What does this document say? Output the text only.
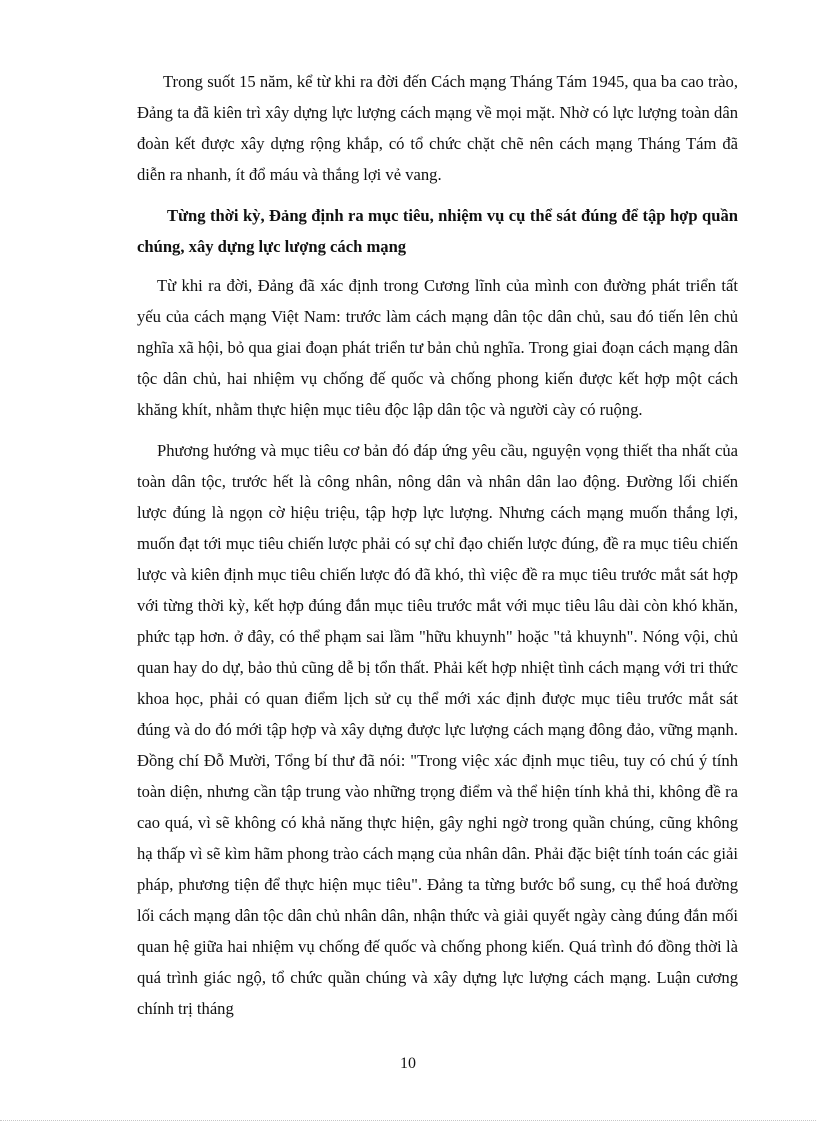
Trong suốt 15 năm, kể từ khi ra đời đến Cách mạng Tháng Tám 1945, qua ba cao trào, Đảng ta đã kiên trì xây dựng lực lượng cách mạng về mọi mặt. Nhờ có lực lượng toàn dân đoàn kết được xây dựng rộng khắp, có tổ chức chặt chẽ nên cách mạng Tháng Tám đã diễn ra nhanh, ít đổ máu và thắng lợi vẻ vang.

Từng thời kỳ, Đảng định ra mục tiêu, nhiệm vụ cụ thể sát đúng để tập hợp quần chúng, xây dựng lực lượng cách mạng

Từ khi ra đời, Đảng đã xác định trong Cương lĩnh của mình con đường phát triển tất yếu của cách mạng Việt Nam: trước làm cách mạng dân tộc dân chủ, sau đó tiến lên chủ nghĩa xã hội, bỏ qua giai đoạn phát triển tư bản chủ nghĩa. Trong giai đoạn cách mạng dân tộc dân chủ, hai nhiệm vụ chống đế quốc và chống phong kiến được kết hợp một cách khăng khít, nhằm thực hiện mục tiêu độc lập dân tộc và người cày có ruộng.

Phương hướng và mục tiêu cơ bản đó đáp ứng yêu cầu, nguyện vọng thiết tha nhất của toàn dân tộc, trước hết là công nhân, nông dân và nhân dân lao động. Đường lối chiến lược đúng là ngọn cờ hiệu triệu, tập hợp lực lượng. Nhưng cách mạng muốn thắng lợi, muốn đạt tới mục tiêu chiến lược phải có sự chỉ đạo chiến lược đúng, đề ra mục tiêu chiến lược và kiên định mục tiêu chiến lược đó đã khó, thì việc đề ra mục tiêu trước mắt sát hợp với từng thời kỳ, kết hợp đúng đắn mục tiêu trước mắt với mục tiêu lâu dài còn khó khăn, phức tạp hơn. ở đây, có thể phạm sai lầm "hữu khuynh" hoặc "tả khuynh". Nóng vội, chủ quan hay do dự, bảo thủ cũng dễ bị tổn thất. Phải kết hợp nhiệt tình cách mạng với tri thức khoa học, phải có quan điểm lịch sử cụ thể mới xác định được mục tiêu trước mắt sát đúng và do đó mới tập hợp và xây dựng được lực lượng cách mạng đông đảo, vững mạnh. Đồng chí Đỗ Mười, Tổng bí thư đã nói: "Trong việc xác định mục tiêu, tuy có chú ý tính toàn diện, nhưng cần tập trung vào những trọng điểm và thể hiện tính khả thi, không đề ra cao quá, vì sẽ không có khả năng thực hiện, gây nghi ngờ trong quần chúng, cũng không hạ thấp vì sẽ kìm hãm phong trào cách mạng của nhân dân. Phải đặc biệt tính toán các giải pháp, phương tiện để thực hiện mục tiêu". Đảng ta từng bước bổ sung, cụ thể hoá đường lối cách mạng dân tộc dân chủ nhân dân, nhận thức và giải quyết ngày càng đúng đắn mối quan hệ giữa hai nhiệm vụ chống đế quốc và chống phong kiến. Quá trình đó đồng thời là quá trình giác ngộ, tổ chức quần chúng và xây dựng lực lượng cách mạng. Luận cương chính trị tháng

10
